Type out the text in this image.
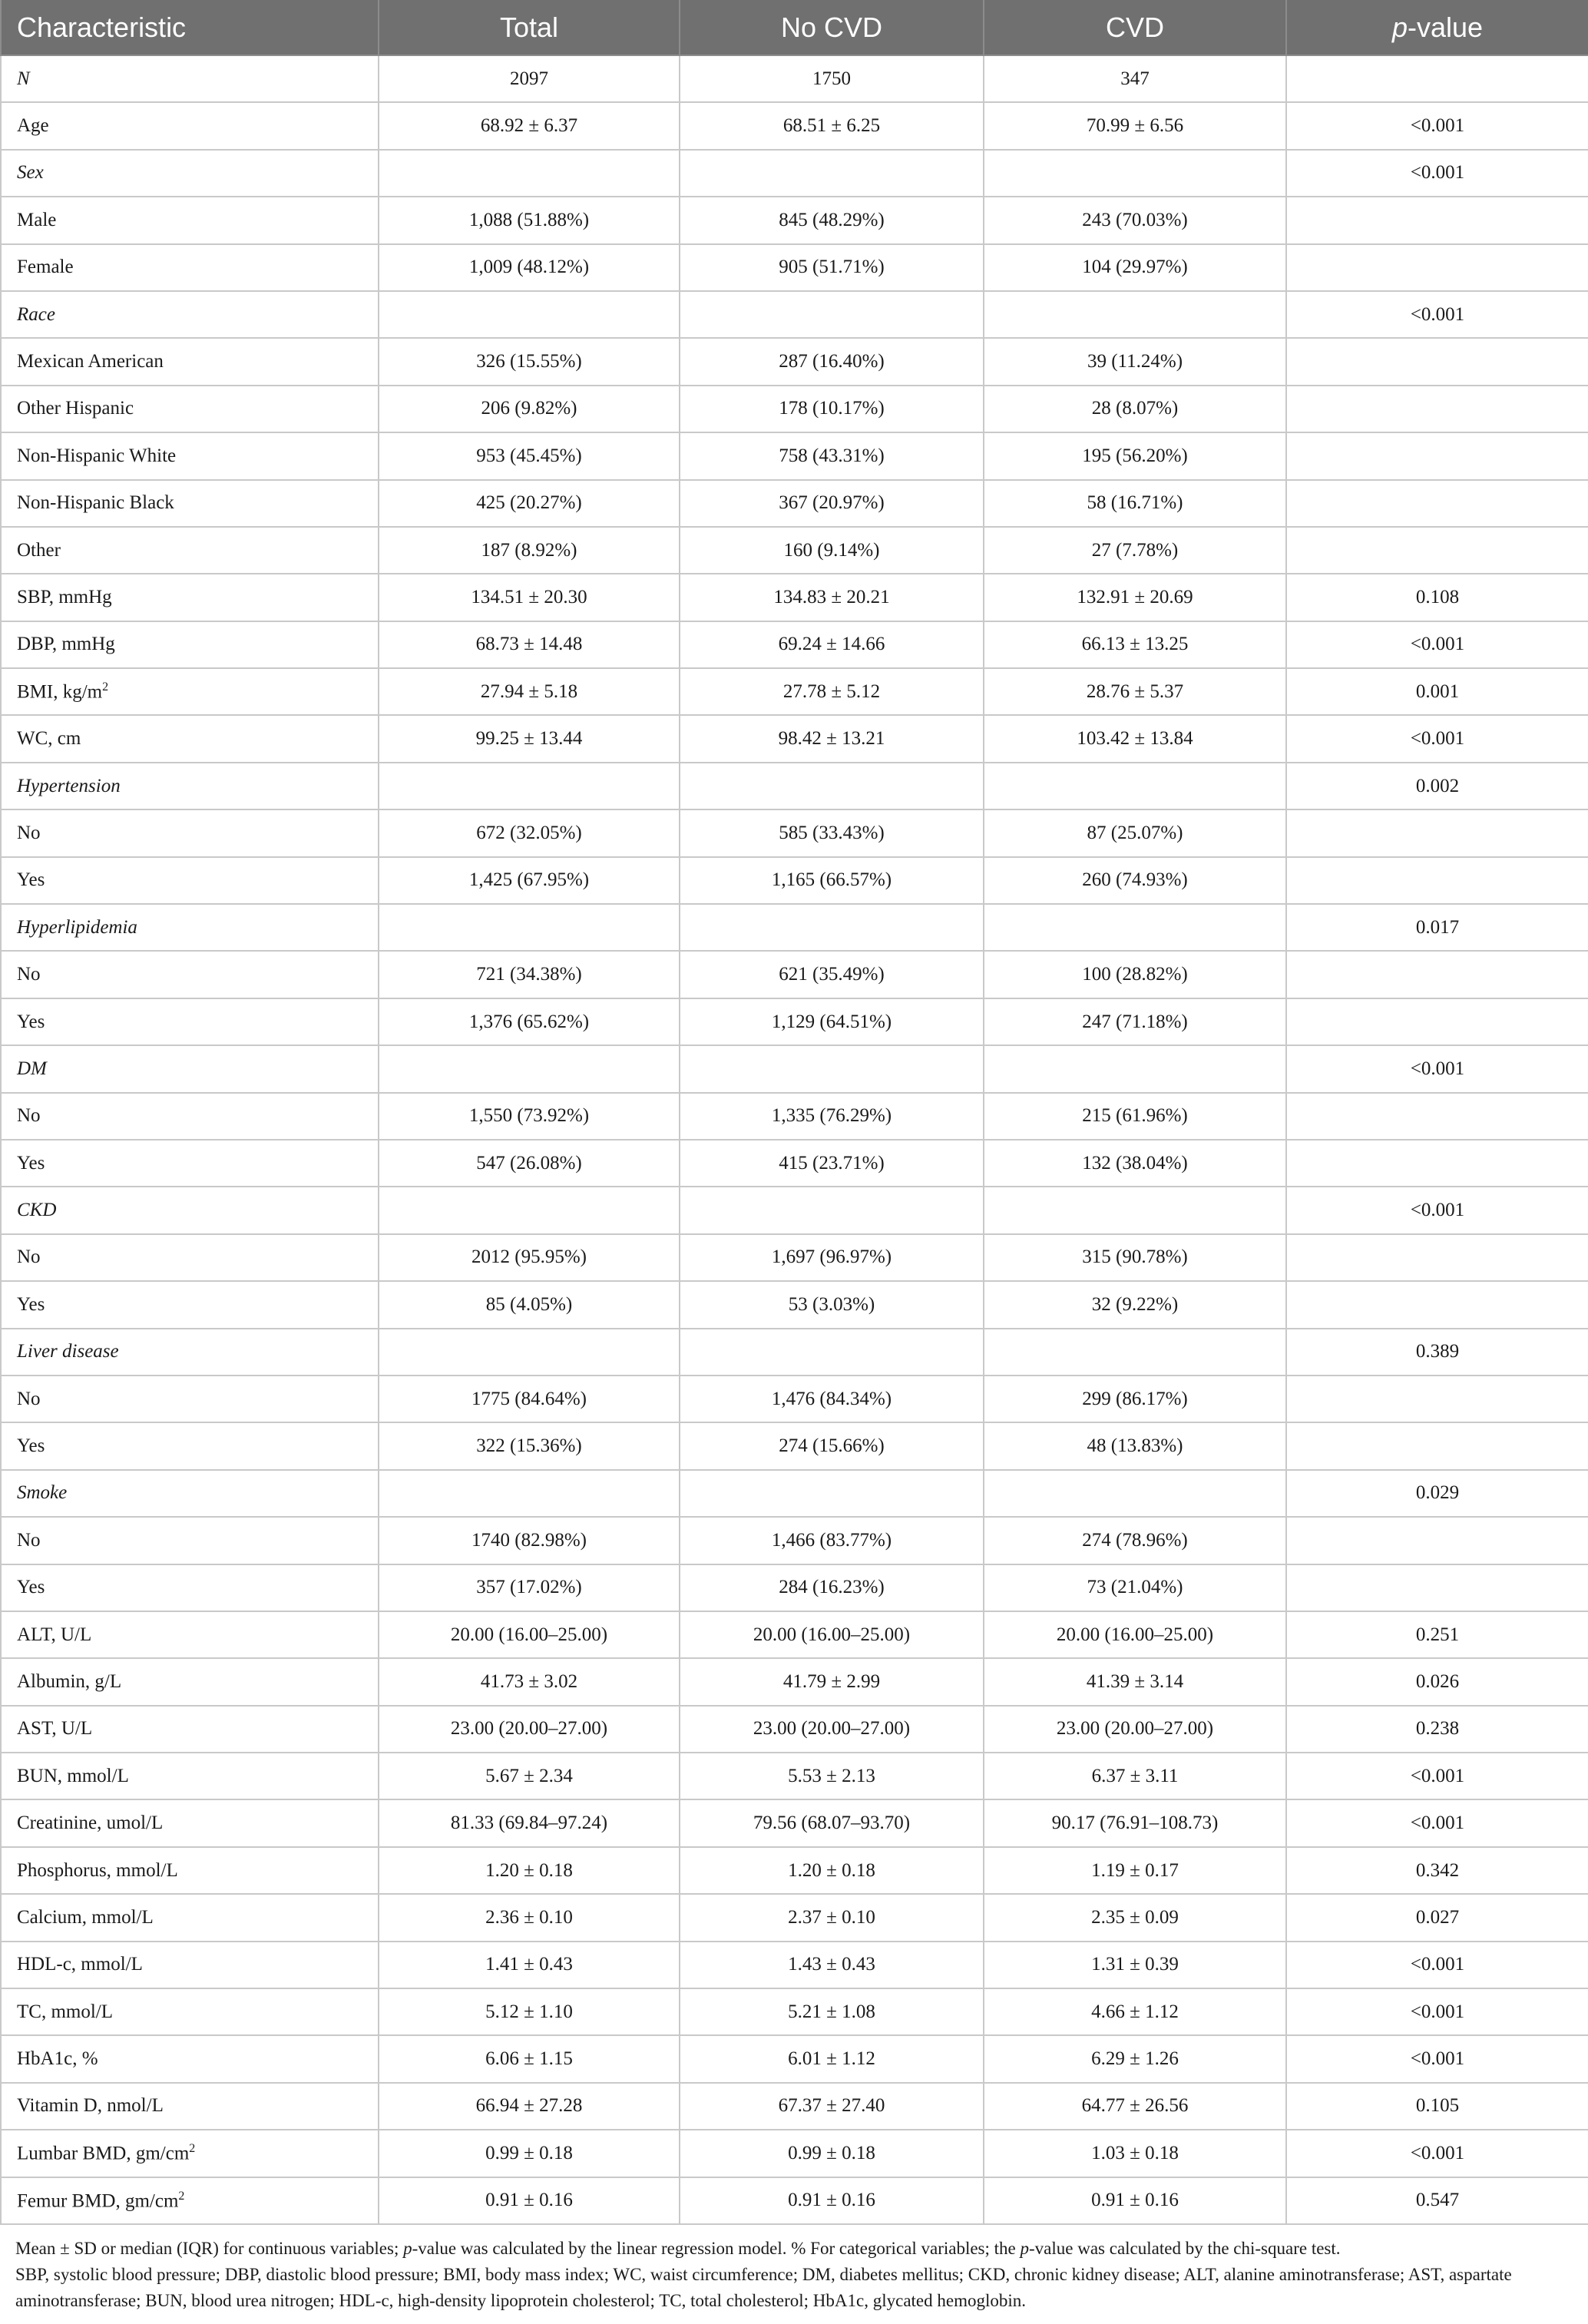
Characteristic	Total	No CVD	CVD	p-value
N	2097	1750	347	
Age	68.92 ± 6.37	68.51 ± 6.25	70.99 ± 6.56	<0.001
Sex				<0.001
Male	1,088 (51.88%)	845 (48.29%)	243 (70.03%)	
Female	1,009 (48.12%)	905 (51.71%)	104 (29.97%)	
Race				<0.001
Mexican American	326 (15.55%)	287 (16.40%)	39 (11.24%)	
Other Hispanic	206 (9.82%)	178 (10.17%)	28 (8.07%)	
Non-Hispanic White	953 (45.45%)	758 (43.31%)	195 (56.20%)	
Non-Hispanic Black	425 (20.27%)	367 (20.97%)	58 (16.71%)	
Other	187 (8.92%)	160 (9.14%)	27 (7.78%)	
SBP, mmHg	134.51 ± 20.30	134.83 ± 20.21	132.91 ± 20.69	0.108
DBP, mmHg	68.73 ± 14.48	69.24 ± 14.66	66.13 ± 13.25	<0.001
BMI, $kg/m^2$	27.94 ± 5.18	27.78 ± 5.12	28.76 ± 5.37	0.001
WC, cm	99.25 ± 13.44	98.42 ± 13.21	103.42 ± 13.84	<0.001
Hypertension				0.002
No	672 (32.05%)	585 (33.43%)	87 (25.07%)	
Yes	1,425 (67.95%)	1,165 (66.57%)	260 (74.93%)	
Hyperlipidemia				0.017
No	721 (34.38%)	621 (35.49%)	100 (28.82%)	
Yes	1,376 (65.62%)	1,129 (64.51%)	247 (71.18%)	
DM				<0.001
No	1,550 (73.92%)	1,335 (76.29%)	215 (61.96%)	
Yes	547 (26.08%)	415 (23.71%)	132 (38.04%)	
CKD				<0.001
No	2012 (95.95%)	1,697 (96.97%)	315 (90.78%)	
Yes	85 (4.05%)	53 (3.03%)	32 (9.22%)	
Liver disease				0.389
No	1775 (84.64%)	1,476 (84.34%)	299 (86.17%)	
Yes	322 (15.36%)	274 (15.66%)	48 (13.83%)	
Smoke				0.029
No	1740 (82.98%)	1,466 (83.77%)	274 (78.96%)	
Yes	357 (17.02%)	284 (16.23%)	73 (21.04%)	
ALT, U/L	20.00 (16.00–25.00)	20.00 (16.00–25.00)	20.00 (16.00–25.00)	0.251
Albumin, g/L	41.73 ± 3.02	41.79 ± 2.99	41.39 ± 3.14	0.026
AST, U/L	23.00 (20.00–27.00)	23.00 (20.00–27.00)	23.00 (20.00–27.00)	0.238
BUN, mmol/L	5.67 ± 2.34	5.53 ± 2.13	6.37 ± 3.11	<0.001
Creatinine, umol/L	81.33 (69.84–97.24)	79.56 (68.07–93.70)	90.17 (76.91–108.73)	<0.001
Phosphorus, mmol/L	1.20 ± 0.18	1.20 ± 0.18	1.19 ± 0.17	0.342
Calcium, mmol/L	2.36 ± 0.10	2.37 ± 0.10	2.35 ± 0.09	0.027
HDL-c, mmol/L	1.41 ± 0.43	1.43 ± 0.43	1.31 ± 0.39	<0.001
TC, mmol/L	5.12 ± 1.10	5.21 ± 1.08	4.66 ± 1.12	<0.001
HbA1c, %	6.06 ± 1.15	6.01 ± 1.12	6.29 ± 1.26	<0.001
Vitamin D, nmol/L	66.94 ± 27.28	67.37 ± 27.40	64.77 ± 26.56	0.105
Lumbar BMD, $gm/cm^2$	0.99 ± 0.18	0.99 ± 0.18	1.03 ± 0.18	<0.001
Femur BMD, $gm/cm^2$	0.91 ± 0.16	0.91 ± 0.16	0.91 ± 0.16	0.547

Mean ± SD or median (IQR) for continuous variables; p-value was calculated by the linear regression model. % For categorical variables; the p-value was calculated by the chi-square test.

SBP, systolic blood pressure; DBP, diastolic blood pressure; BMI, body mass index; WC, waist circumference; DM, diabetes mellitus; CKD, chronic kidney disease; ALT, alanine aminotransferase; AST, aspartate aminotransferase; BUN, blood urea nitrogen; HDL-c, high-density lipoprotein cholesterol; TC, total cholesterol; HbA1c, glycated hemoglobin.
